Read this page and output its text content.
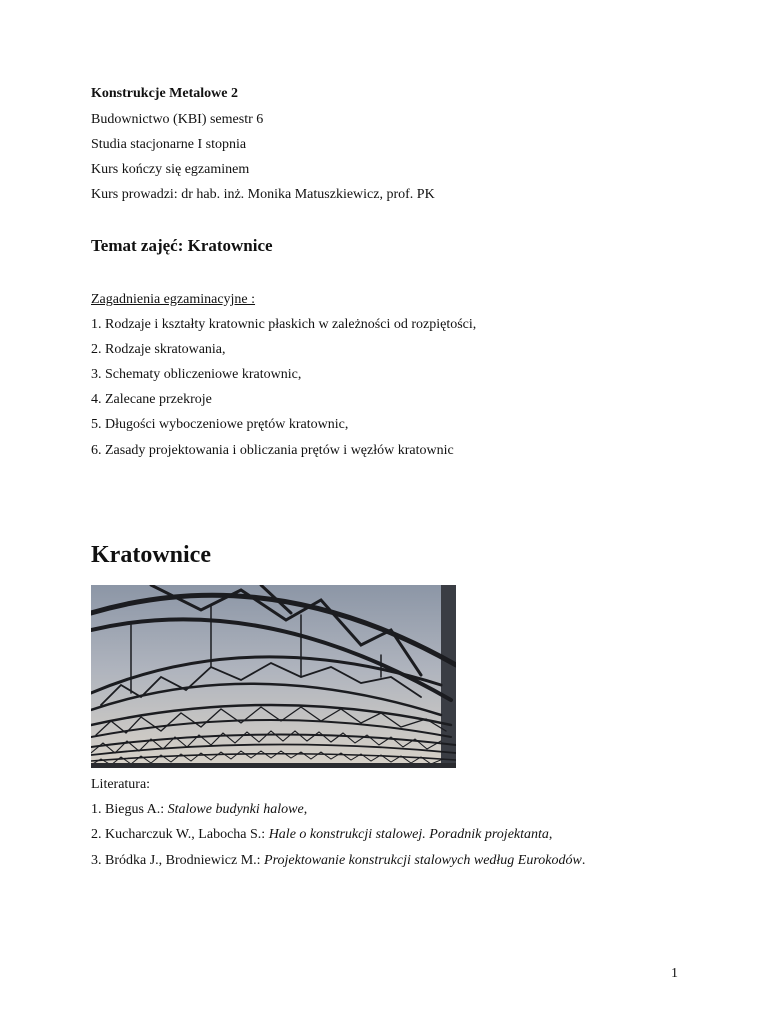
Konstrukcje Metalowe 2
Budownictwo (KBI) semestr 6
Studia stacjonarne I stopnia
Kurs kończy się egzaminem
Kurs prowadzi: dr hab. inż. Monika Matuszkiewicz, prof. PK
Temat zajęć: Kratownice
Zagadnienia egzaminacyjne :
1. Rodzaje i kształty kratownic płaskich w zależności od rozpiętości,
2. Rodzaje skratowania,
3. Schematy obliczeniowe kratownic,
4. Zalecane przekroje
5. Długości wyboczeniowe prętów kratownic,
6. Zasady projektowania i obliczania prętów i węzłów kratownic
Kratownice
Literatura:
1. Biegus A.: Stalowe budynki halowe,
2. Kucharczuk W., Labocha S.: Hale o konstrukcji stalowej. Poradnik projektanta,
3. Bródka J., Brodniewicz M.: Projektowanie konstrukcji stalowych według Eurokodów.
1
